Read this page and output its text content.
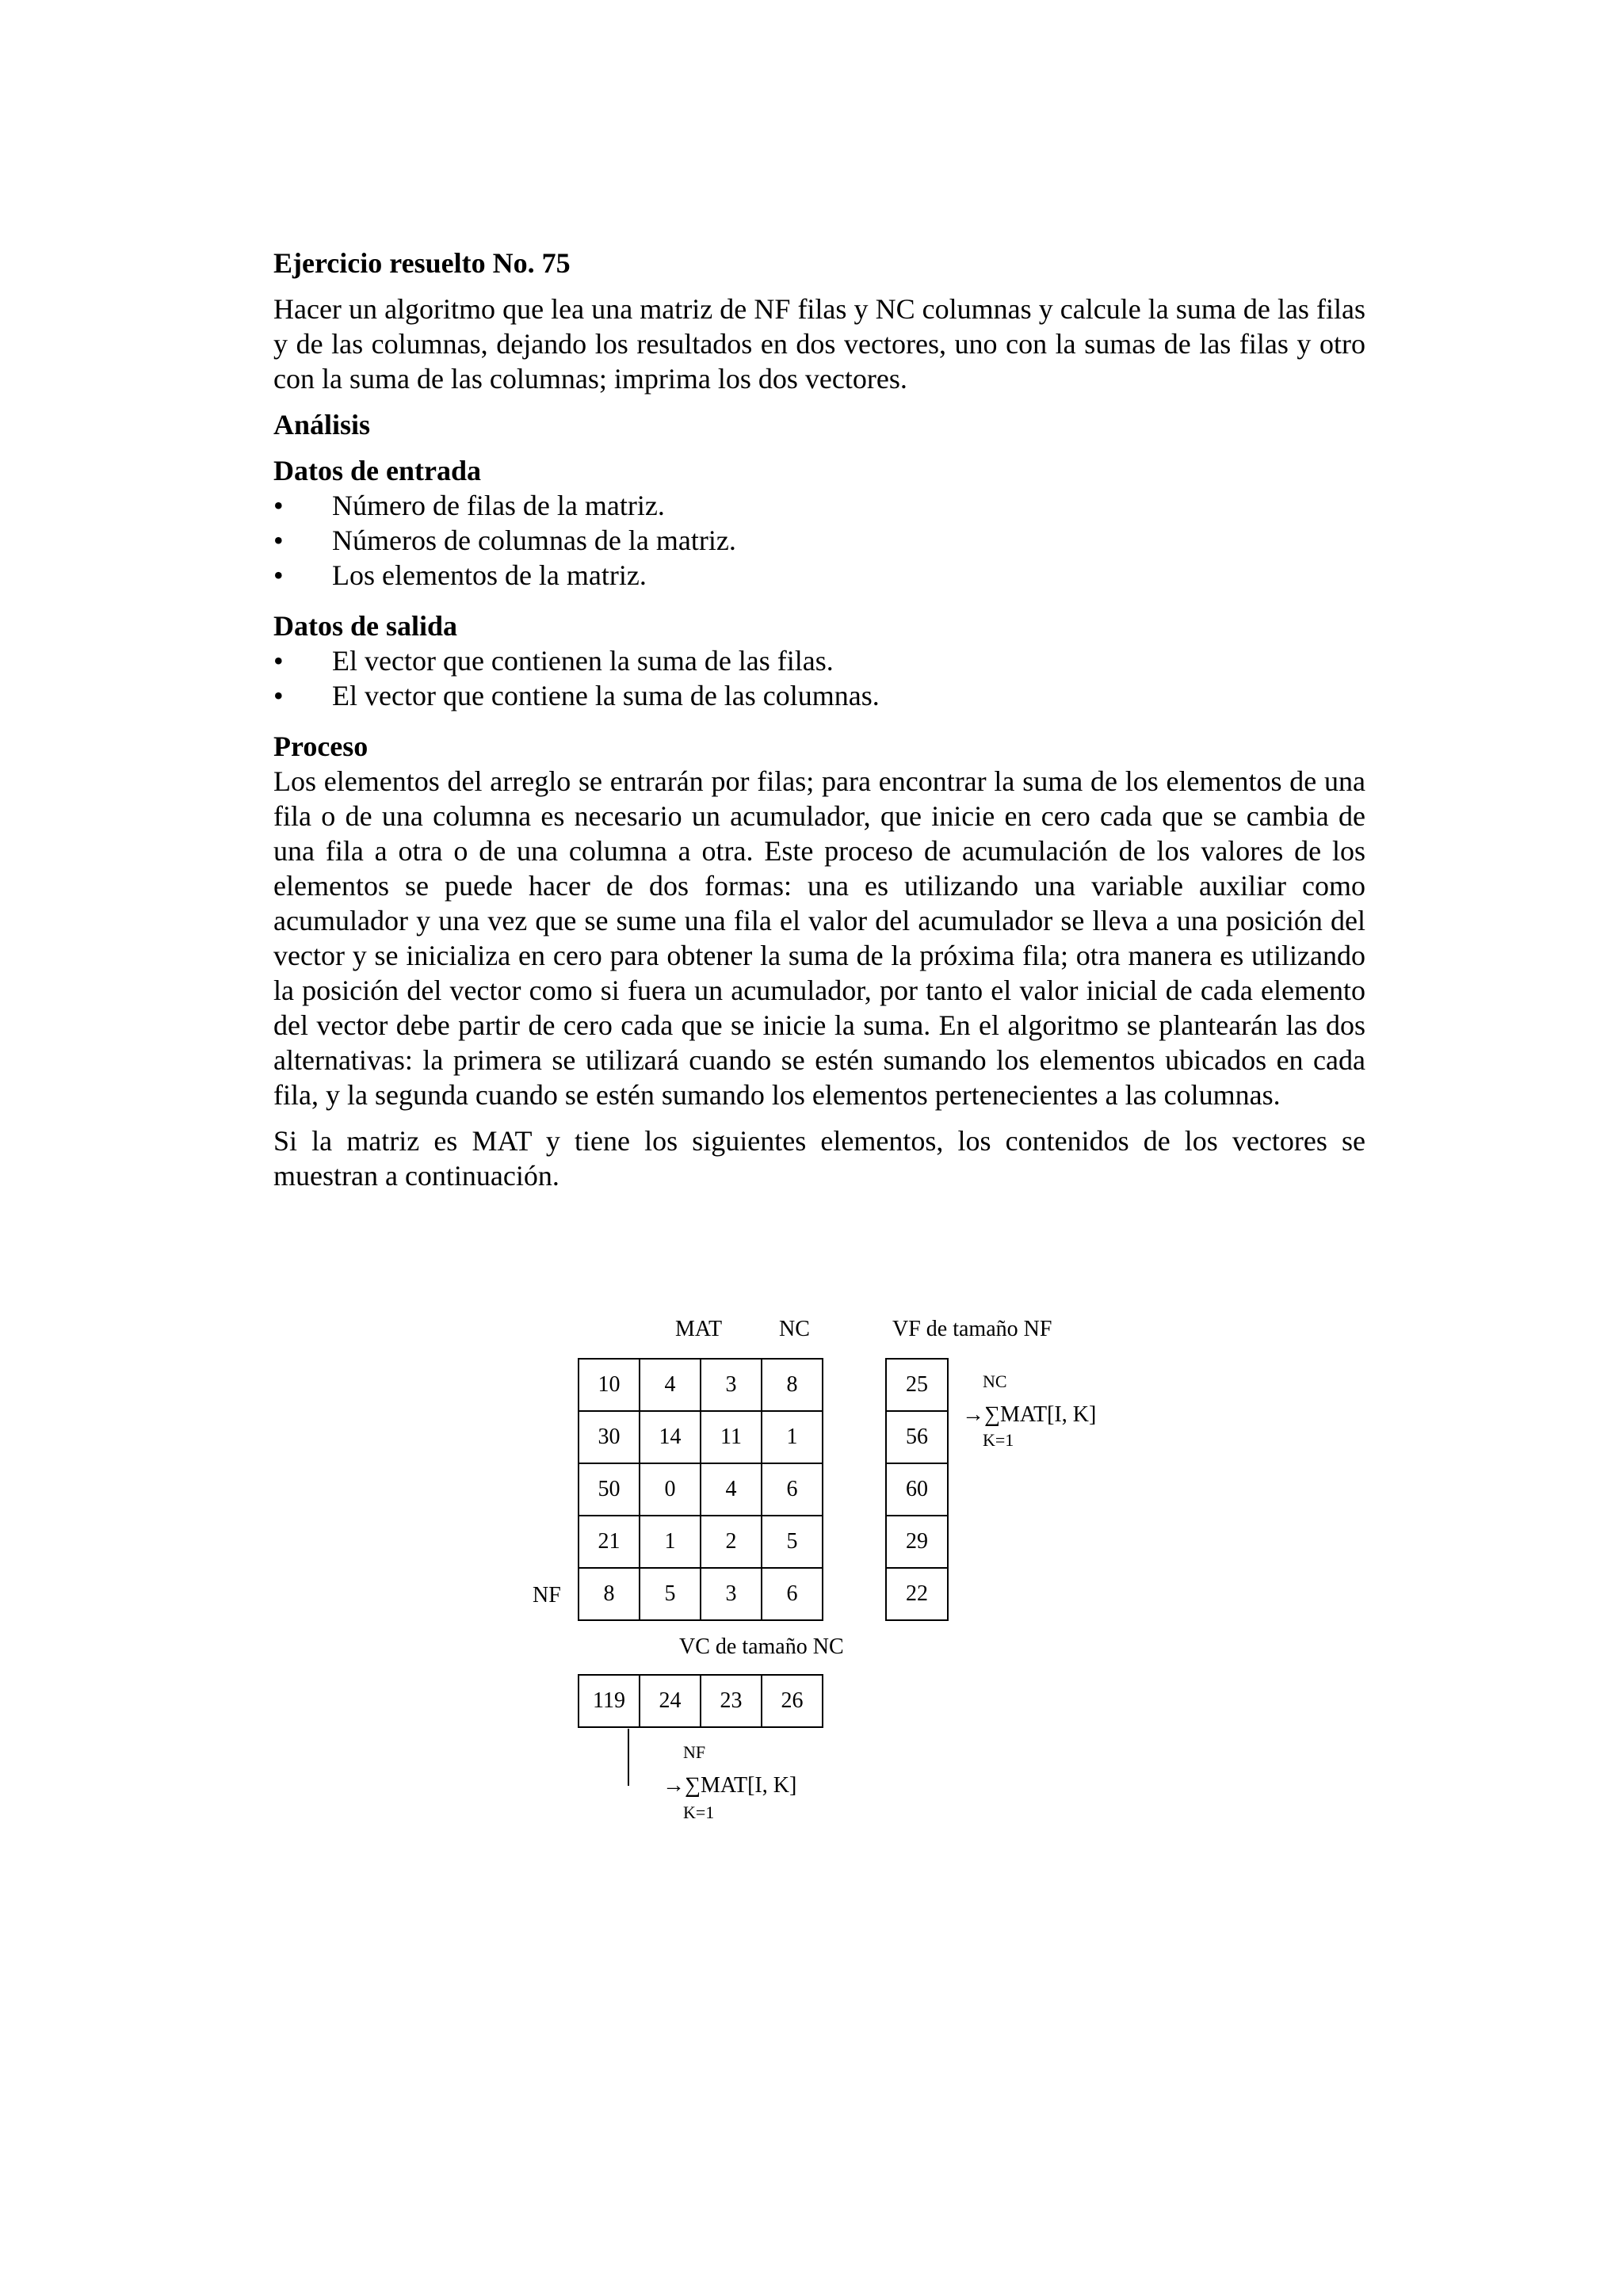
Ejercicio resuelto No. 75

Hacer un algoritmo que lea una matriz de NF filas y NC columnas y calcule la suma de las filas y de las columnas, dejando los resultados en dos vectores, uno con la sumas de las filas y otro con la suma de las columnas; imprima los dos vectores.

Análisis

Datos de entrada

• Número de filas de la matriz.
• Números de columnas de la matriz.
• Los elementos de la matriz.

Datos de salida

• El vector que contienen la suma de las filas.
• El vector que contiene la suma de las columnas.

Proceso

Los elementos del arreglo se entrarán por filas; para encontrar la suma de los elementos de una fila o de una columna es necesario un acumulador, que inicie en cero cada que se cambia de una fila a otra o de una columna a otra. Este proceso de acumulación de los valores de los elementos se puede hacer de dos formas: una es utilizando una variable auxiliar como acumulador y una vez que se sume una fila el valor del acumulador se lleva a una posición del vector y se inicializa en cero para obtener la suma de la próxima fila; otra manera es utilizando la posición del vector como si fuera un acumulador, por tanto el valor inicial de cada elemento del vector debe partir de cero cada que se inicie la suma. En el algoritmo se plantearán las dos alternativas: la primera se utilizará cuando se estén sumando los elementos ubicados en cada fila, y la segunda cuando se estén sumando los elementos pertenecientes a las columnas.

Si la matriz es MAT y tiene los siguientes elementos, los contenidos de los vectores se muestran a continuación.

MAT	NC	VF de tamaño NF
10	4	3	8
30	14	11	1
50	0	4	6
21	1	2	5
8	5	3	6
NF
25
56
60
29
22
NC
→∑MAT[I, K]
K=1
VC de tamaño NC
119	24	23	26
NF
→∑MAT[I, K]
K=1
